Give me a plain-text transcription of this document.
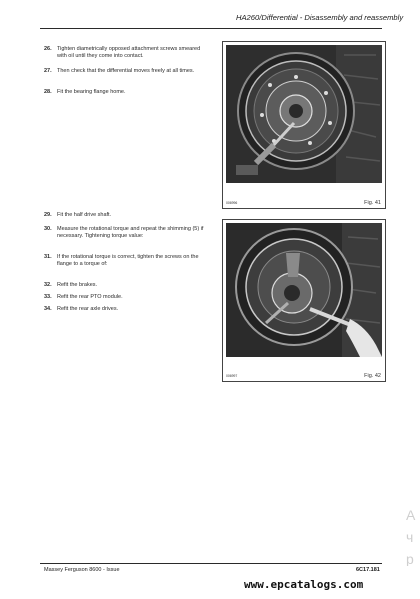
HA260/Differential - Disassembly and reassembly
26. Tighten diametrically opposed attachment screws smeared with oil until they come into contact.
27. Then check that the differential moves freely at all times.
28. Fit the bearing flange home.
29. Fit the half drive shaft.
30. Measure the rotational torque and repeat the shimming (5) if necessary. Tightening torque value:
31. If the rotational torque is correct, tighten the screws on the flange to a torque of:
32. Refit the brakes.
33. Refit the rear PTO module.
34. Refit the rear axle drives.
006996	Fig. 41
006997	Fig. 42
A
ч
р
Massey Ferguson 8600 - Issue	6C17.181
www.epcatalogs.com
